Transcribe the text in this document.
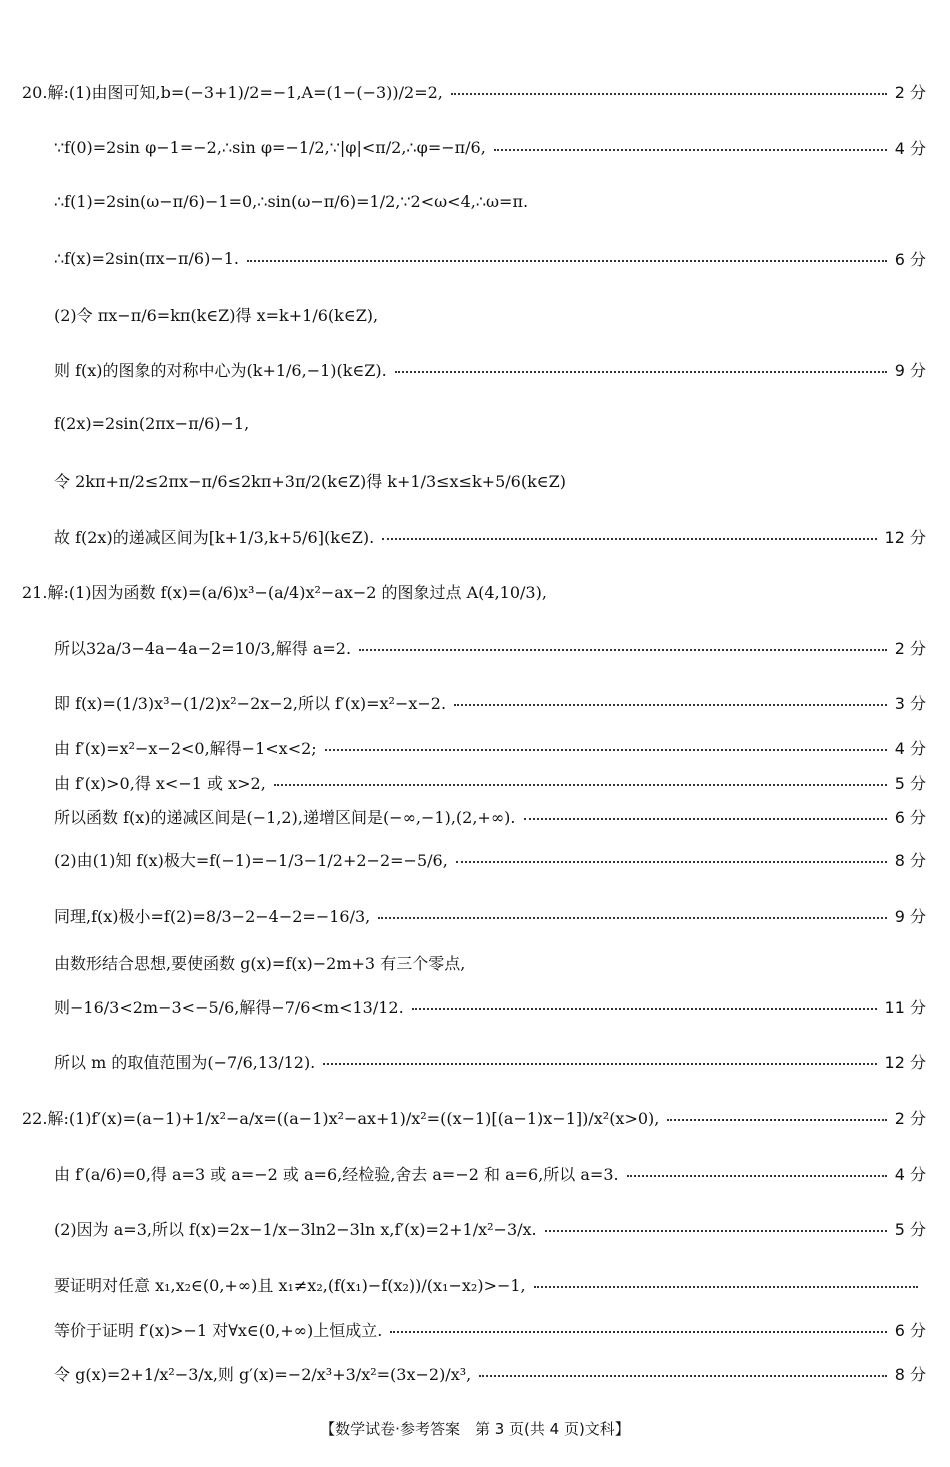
20.解:(1)由图可知,b=(−3+1)/2=−1,A=(1−(−3))/2=2,	2 分
∵f(0)=2sin φ−1=−2,∴sin φ=−1/2,∵|φ|<π/2,∴φ=−π/6,	4 分
∴f(1)=2sin(ω−π/6)−1=0,∴sin(ω−π/6)=1/2,∵2<ω<4,∴ω=π.
∴f(x)=2sin(πx−π/6)−1.	6 分
(2)令 πx−π/6=kπ(k∈Z)得 x=k+1/6(k∈Z),
则 f(x)的图象的对称中心为(k+1/6,−1)(k∈Z).	9 分
f(2x)=2sin(2πx−π/6)−1,
令 2kπ+π/2≤2πx−π/6≤2kπ+3π/2(k∈Z)得 k+1/3≤x≤k+5/6(k∈Z)
故 f(2x)的递减区间为[k+1/3,k+5/6](k∈Z).	12 分
21.解:(1)因为函数 f(x)=(a/6)x³−(a/4)x²−ax−2 的图象过点 A(4,10/3),
所以32a/3−4a−4a−2=10/3,解得 a=2.	2 分
即 f(x)=(1/3)x³−(1/2)x²−2x−2,所以 f′(x)=x²−x−2.	3 分
由 f′(x)=x²−x−2<0,解得−1<x<2;	4 分
由 f′(x)>0,得 x<−1 或 x>2,	5 分
所以函数 f(x)的递减区间是(−1,2),递增区间是(−∞,−1),(2,+∞).	6 分
(2)由(1)知 f(x)极大=f(−1)=−1/3−1/2+2−2=−5/6,	8 分
同理,f(x)极小=f(2)=8/3−2−4−2=−16/3,	9 分
由数形结合思想,要使函数 g(x)=f(x)−2m+3 有三个零点,
则−16/3<2m−3<−5/6,解得−7/6<m<13/12.	11 分
所以 m 的取值范围为(−7/6,13/12).	12 分
22.解:(1)f′(x)=(a−1)+1/x²−a/x=((a−1)x²−ax+1)/x²=((x−1)[(a−1)x−1])/x²(x>0),	2 分
由 f′(a/6)=0,得 a=3 或 a=−2 或 a=6,经检验,舍去 a=−2 和 a=6,所以 a=3.	4 分
(2)因为 a=3,所以 f(x)=2x−1/x−3ln2−3ln x,f′(x)=2+1/x²−3/x.	5 分
要证明对任意 x₁,x₂∈(0,+∞)且 x₁≠x₂,(f(x₁)−f(x₂))/(x₁−x₂)>−1,
等价于证明 f′(x)>−1 对∀x∈(0,+∞)上恒成立.	6 分
令 g(x)=2+1/x²−3/x,则 g′(x)=−2/x³+3/x²=(3x−2)/x³,	8 分
【数学试卷·参考答案　第 3 页(共 4 页)文科】
